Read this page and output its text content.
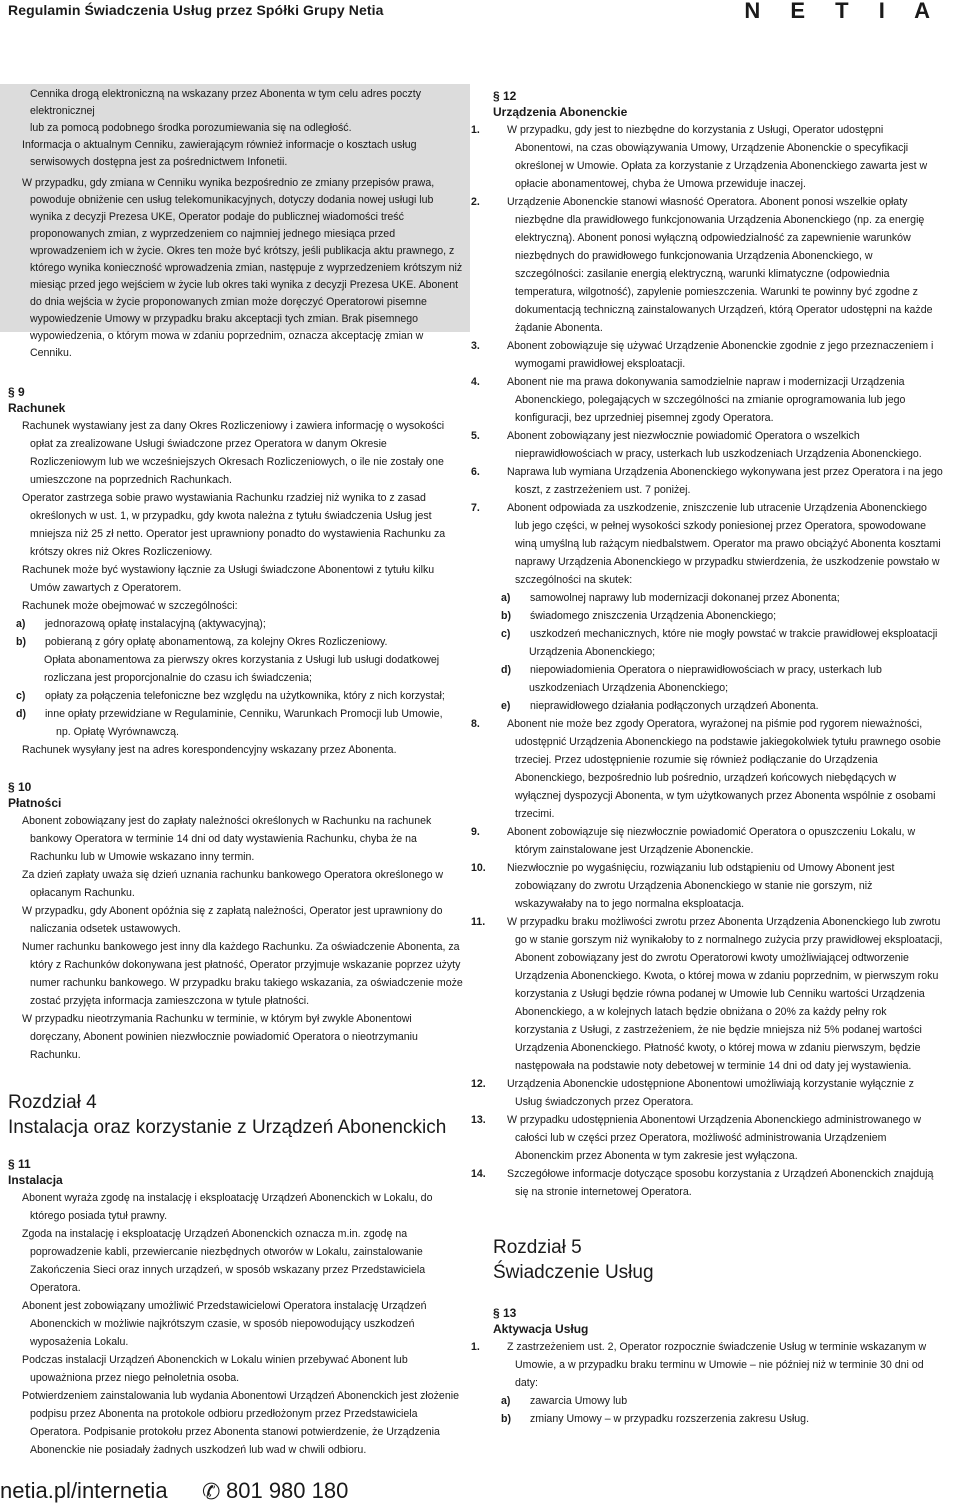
Regulamin Świadczenia Usług przez Spółki Grupy Netia	N E T I A
Cennika drogą elektroniczną na wskazany przez Abonenta w tym celu adres poczty elektronicznej
lub za pomocą podobnego środka porozumiewania się na odległość.
Informacja o aktualnym Cenniku, zawierającym również informacje o kosztach usług serwisowych dostępna jest za pośrednictwem Infonetii.
W przypadku, gdy zmiana w Cenniku wynika bezpośrednio ze zmiany przepisów prawa, powoduje obniżenie cen usług telekomunikacyjnych, dotyczy dodania nowej usługi lub wynika z decyzji Prezesa UKE, Operator podaje do publicznej wiadomości treść proponowanych zmian, z wyprzedzeniem co najmniej jednego miesiąca przed wprowadzeniem ich w życie. Okres ten może być krótszy, jeśli publikacja aktu prawnego, z którego wynika konieczność wprowadzenia zmian, następuje z wyprzedzeniem krótszym niż miesiąc przed jego wejściem w życie lub okres taki wynika z decyzji Prezesa UKE. Abonent do dnia wejścia w życie proponowanych zmian może doręczyć Operatorowi pisemne wypowiedzenie Umowy w przypadku braku akceptacji tych zmian. Brak pisemnego wypowiedzenia, o którym mowa w zdaniu poprzednim, oznacza akceptację zmian w Cenniku.
§ 9
Rachunek
Rachunek wystawiany jest za dany Okres Rozliczeniowy i zawiera informację o wysokości opłat za zrealizowane Usługi świadczone przez Operatora w danym Okresie Rozliczeniowym lub we wcześniejszych Okresach Rozliczeniowych, o ile nie zostały one umieszczone na poprzednich Rachunkach.
Operator zastrzega sobie prawo wystawiania Rachunku rzadziej niż wynika to z zasad określonych w ust. 1, w przypadku, gdy kwota należna z tytułu świadczenia Usług jest mniejsza niż 25 zł netto. Operator jest uprawniony ponadto do wystawienia Rachunku za krótszy okres niż Okres Rozliczeniowy.
Rachunek może być wystawiony łącznie za Usługi świadczone Abonentowi z tytułu kilku Umów zawartych z Operatorem.
Rachunek może obejmować w szczególności:
a) jednorazową opłatę instalacyjną (aktywacyjną);
b) pobieraną z góry opłatę abonamentową, za kolejny Okres Rozliczeniowy.
Opłata abonamentowa za pierwszy okres korzystania z Usługi lub usługi dodatkowej rozliczana jest proporcjonalnie do czasu ich świadczenia;
c) opłaty za połączenia telefoniczne bez względu na użytkownika, który z nich korzystał;
d) inne opłaty przewidziane w Regulaminie, Cenniku, Warunkach Promocji lub Umowie,
np. Opłatę Wyrównawczą.
Rachunek wysyłany jest na adres korespondencyjny wskazany przez Abonenta.
§ 10
Płatności
Abonent zobowiązany jest do zapłaty należności określonych w Rachunku na rachunek bankowy Operatora w terminie 14 dni od daty wystawienia Rachunku, chyba że na Rachunku lub w Umowie wskazano inny termin.
Za dzień zapłaty uważa się dzień uznania rachunku bankowego Operatora określonego w opłacanym Rachunku.
W przypadku, gdy Abonent opóźnia się z zapłatą należności, Operator jest uprawniony do naliczania odsetek ustawowych.
Numer rachunku bankowego jest inny dla każdego Rachunku. Za oświadczenie Abonenta, za który z Rachunków dokonywana jest płatność, Operator przyjmuje wskazanie poprzez użyty numer rachunku bankowego. W przypadku braku takiego wskazania, za oświadczenie może zostać przyjęta informacja zamieszczona w tytule płatności.
W przypadku nieotrzymania Rachunku w terminie, w którym był zwykle Abonentowi doręczany, Abonent powinien niezwłocznie powiadomić Operatora o nieotrzymaniu Rachunku.
Rozdział 4
Instalacja oraz korzystanie z Urządzeń Abonenckich
§ 11
Instalacja
Abonent wyraża zgodę na instalację i eksploatację Urządzeń Abonenckich w Lokalu, do którego posiada tytuł prawny.
Zgoda na instalację i eksploatację Urządzeń Abonenckich oznacza m.in. zgodę na poprowadzenie kabli, przewiercanie niezbędnych otworów w Lokalu, zainstalowanie Zakończenia Sieci oraz innych urządzeń, w sposób wskazany przez Przedstawiciela Operatora.
Abonent jest zobowiązany umożliwić Przedstawicielowi Operatora instalację Urządzeń Abonenckich w możliwie najkrótszym czasie, w sposób niepowodujący uszkodzeń wyposażenia Lokalu.
Podczas instalacji Urządzeń Abonenckich w Lokalu winien przebywać Abonent lub upoważniona przez niego pełnoletnia osoba.
Potwierdzeniem zainstalowania lub wydania Abonentowi Urządzeń Abonenckich jest złożenie podpisu przez Abonenta na protokole odbioru przedłożonym przez Przedstawiciela Operatora. Podpisanie protokołu przez Abonenta stanowi potwierdzenie, że Urządzenia Abonenckie nie posiadały żadnych uszkodzeń lub wad w chwili odbioru.
§ 12
Urządzenia Abonenckie
1.	W przypadku, gdy jest to niezbędne do korzystania z Usługi, Operator udostępni Abonentowi, na czas obowiązywania Umowy, Urządzenie Abonenckie o specyfikacji określonej w Umowie. Opłata za korzystanie z Urządzenia Abonenckiego zawarta jest w opłacie abonamentowej, chyba że Umowa przewiduje inaczej.
2.	Urządzenie Abonenckie stanowi własność Operatora. Abonent ponosi wszelkie opłaty niezbędne dla prawidłowego funkcjonowania Urządzenia Abonenckiego (np. za energię elektryczną). Abonent ponosi wyłączną odpowiedzialność za zapewnienie warunków niezbędnych do prawidłowego funkcjonowania Urządzenia Abonenckiego, w szczególności: zasilanie energią elektryczną, warunki klimatyczne (odpowiednia temperatura, wilgotność), zapylenie pomieszczenia. Warunki te powinny być zgodne z dokumentacją techniczną zainstalowanych Urządzeń, którą Operator udostępni na każde żądanie Abonenta.
3.	Abonent zobowiązuje się używać Urządzenie Abonenckie zgodnie z jego przeznaczeniem i wymogami prawidłowej eksploatacji.
4.	Abonent nie ma prawa dokonywania samodzielnie napraw i modernizacji Urządzenia Abonenckiego, polegających w szczególności na zmianie oprogramowania lub jego konfiguracji, bez uprzedniej pisemnej zgody Operatora.
5.	Abonent zobowiązany jest niezwłocznie powiadomić Operatora o wszelkich nieprawidłowościach w pracy, usterkach lub uszkodzeniach Urządzenia Abonenckiego.
6.	Naprawa lub wymiana Urządzenia Abonenckiego wykonywana jest przez Operatora i na jego koszt, z zastrzeżeniem ust. 7 poniżej.
7.	Abonent odpowiada za uszkodzenie, zniszczenie lub utracenie Urządzenia Abonenckiego lub jego części, w pełnej wysokości szkody poniesionej przez Operatora, spowodowane winą umyślną lub rażącym niedbalstwem. Operator ma prawo obciążyć Abonenta kosztami naprawy Urządzenia Abonenckiego w przypadku stwierdzenia, że uszkodzenie powstało w szczególności na skutek:
a) samowolnej naprawy lub modernizacji dokonanej przez Abonenta;
b) świadomego zniszczenia Urządzenia Abonenckiego;
c) uszkodzeń mechanicznych, które nie mogły powstać w trakcie prawidłowej eksploatacji Urządzenia Abonenckiego;
d) niepowiadomienia Operatora o nieprawidłowościach w pracy, usterkach lub uszkodzeniach Urządzenia Abonenckiego;
e) nieprawidłowego działania podłączonych urządzeń Abonenta.
8.	Abonent nie może bez zgody Operatora, wyrażonej na piśmie pod rygorem nieważności, udostępnić Urządzenia Abonenckiego na podstawie jakiegokolwiek tytułu prawnego osobie trzeciej. Przez udostępnienie rozumie się również podłączanie do Urządzenia Abonenckiego, bezpośrednio lub pośrednio, urządzeń końcowych niebędących w wyłącznej dyspozycji Abonenta, w tym użytkowanych przez Abonenta wspólnie z osobami trzecimi.
9.	Abonent zobowiązuje się niezwłocznie powiadomić Operatora o opuszczeniu Lokalu, w którym zainstalowane jest Urządzenie Abonenckie.
10. Niezwłocznie po wygaśnięciu, rozwiązaniu lub odstąpieniu od Umowy Abonent jest zobowiązany do zwrotu Urządzenia Abonenckiego w stanie nie gorszym, niż wskazywałaby na to jego normalna eksploatacja.
11. W przypadku braku możliwości zwrotu przez Abonenta Urządzenia Abonenckiego lub zwrotu go w stanie gorszym niż wynikałoby to z normalnego zużycia przy prawidłowej eksploatacji, Abonent zobowiązany jest do zwrotu Operatorowi kwoty umożliwiającej odtworzenie Urządzenia Abonenckiego. Kwota, o której mowa w zdaniu poprzednim, w pierwszym roku korzystania z Usługi będzie równa podanej w Umowie lub Cenniku wartości Urządzenia Abonenckiego, a w kolejnych latach będzie obniżana o 20% za każdy pełny rok korzystania z Usługi, z zastrzeżeniem, że nie będzie mniejsza niż 5% podanej wartości Urządzenia Abonenckiego. Płatność kwoty, o której mowa w zdaniu pierwszym, będzie następowała na podstawie noty debetowej w terminie 14 dni od daty jej wystawienia.
12. Urządzenia Abonenckie udostępnione Abonentowi umożliwiają korzystanie wyłącznie z Usług świadczonych przez Operatora.
13. W przypadku udostępnienia Abonentowi Urządzenia Abonenckiego administrowanego w całości lub w części przez Operatora, możliwość administrowania Urządzeniem Abonenckim przez Abonenta w tym zakresie jest wyłączona.
14. Szczegółowe informacje dotyczące sposobu korzystania z Urządzeń Abonenckich znajdują się na stronie internetowej Operatora.
Rozdział 5
Świadczenie Usług
§ 13
Aktywacja Usług
1.	Z zastrzeżeniem ust. 2, Operator rozpocznie świadczenie Usług w terminie wskazanym w Umowie, a w przypadku braku terminu w Umowie – nie później niż w terminie 30 dni od daty:
a) zawarcia Umowy lub
b) zmiany Umowy – w przypadku rozszerzenia zakresu Usług.
netia.pl/internetia ✆ 801 980 180
